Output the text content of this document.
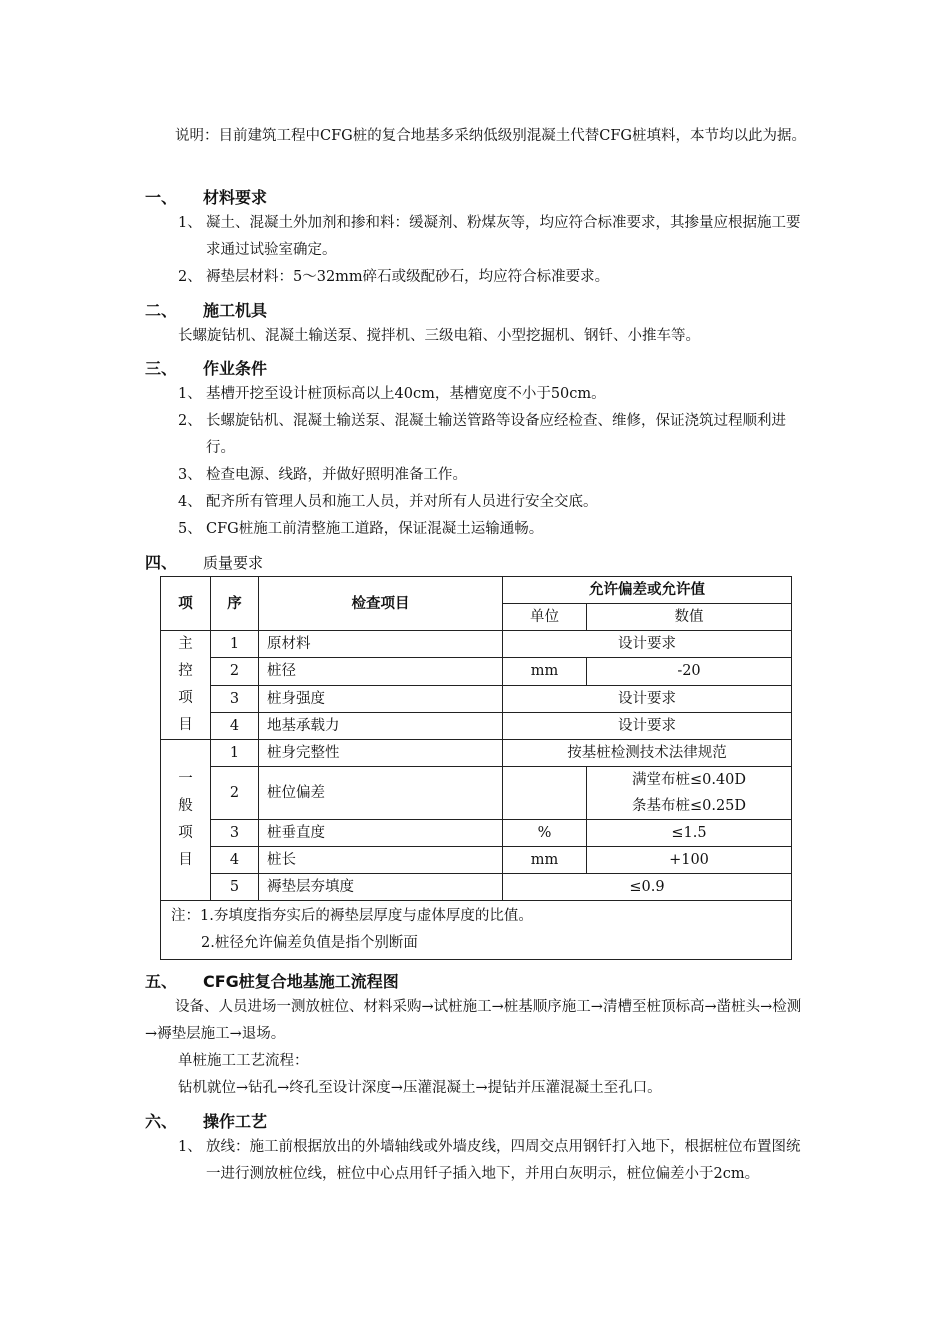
说明：目前建筑工程中CFG桩的复合地基多采纳低级别混凝土代替CFG桩填料，本节均以此为据。

一、 材料要求
1、 凝土、混凝土外加剂和掺和料：缓凝剂、粉煤灰等，均应符合标准要求，其掺量应根据施工要求通过试验室确定。
2、 褥垫层材料：5～32mm碎石或级配砂石，均应符合标准要求。
二、 施工机具
长螺旋钻机、混凝土输送泵、搅拌机、三级电箱、小型挖掘机、钢钎、小推车等。
三、 作业条件
1、 基槽开挖至设计桩顶标高以上40cm，基槽宽度不小于50cm。
2、 长螺旋钻机、混凝土输送泵、混凝土输送管路等设备应经检查、维修，保证浇筑过程顺利进行。
3、 检查电源、线路，并做好照明准备工作。
4、 配齐所有管理人员和施工人员，并对所有人员进行安全交底。
5、 CFG桩施工前清整施工道路，保证混凝土运输通畅。
四、 质量要求
项	序	检查项目	允许偏差或允许值	
			单位	数值

主
控
项
目	1	原材料	设计要求	
	2	桩径	mm	-20
	3	桩身强度	设计要求	
	4	地基承载力	设计要求	

一
般
项
目	1	桩身完整性	按基桩检测技术法律规范	
	2	桩位偏差		满堂布桩≤0.40D
条基布桩≤0.25D

	3	桩垂直度	%	≤1.5
	4	桩长	mm	+100
	5	褥垫层夯填度	≤0.9	

注：1.夯填度指夯实后的褥垫层厚度与虚体厚度的比值。
2.桩径允许偏差负值是指个别断面				
五、 CFG桩复合地基施工流程图

设备、人员进场一测放桩位、材料采购→试桩施工→桩基顺序施工→清槽至桩顶标高→凿桩头→检测→褥垫层施工→退场。

单桩施工工艺流程：
钻机就位→钻孔→终孔至设计深度→压灌混凝土→提钻并压灌混凝土至孔口。
六、 操作工艺
1、 放线：施工前根据放出的外墙轴线或外墙皮线，四周交点用钢钎打入地下，根据桩位布置图统一进行测放桩位线，桩位中心点用钎子插入地下，并用白灰明示，桩位偏差小于2cm。
